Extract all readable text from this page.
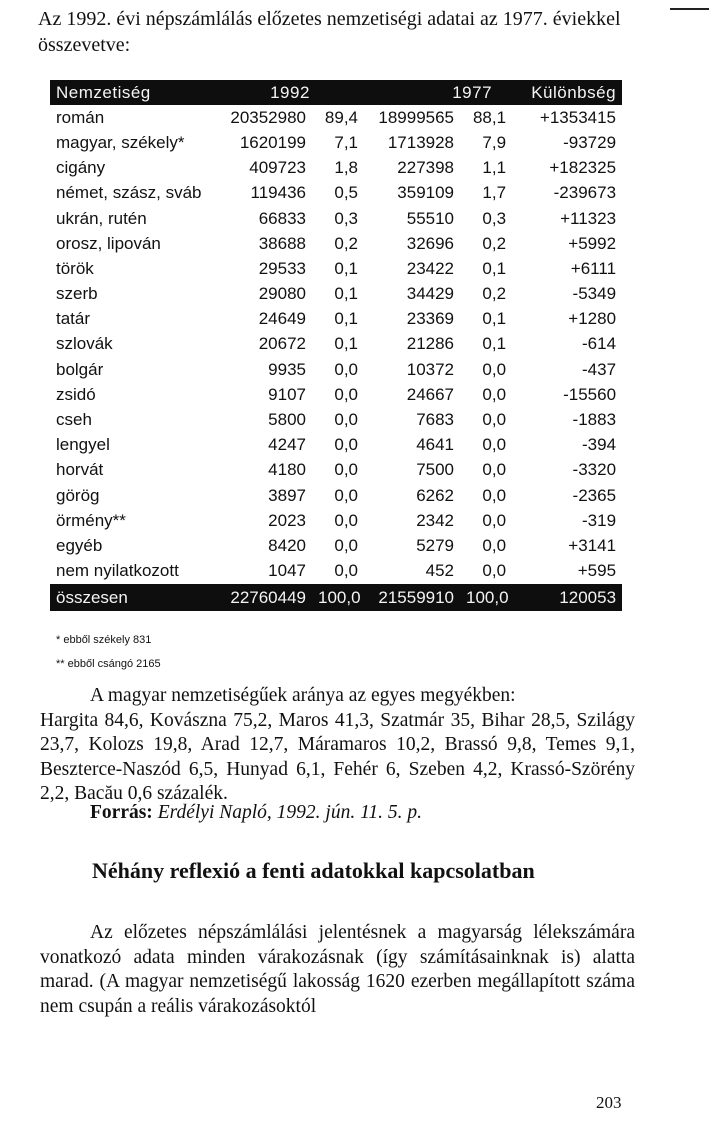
Az 1992. évi népszámlálás előzetes nemzetiségi adatai az 1977. éviekkel összevetve:
Nemzetiség	1992		1977		Különbség
román	20352980	89,4	18999565	88,1	+1353415
magyar, székely*	1620199	7,1	1713928	7,9	-93729
cigány	409723	1,8	227398	1,1	+182325
német, szász, sváb	119436	0,5	359109	1,7	-239673
ukrán, rutén	66833	0,3	55510	0,3	+11323
orosz, lipován	38688	0,2	32696	0,2	+5992
török	29533	0,1	23422	0,1	+6111
szerb	29080	0,1	34429	0,2	-5349
tatár	24649	0,1	23369	0,1	+1280
szlovák	20672	0,1	21286	0,1	-614
bolgár	9935	0,0	10372	0,0	-437
zsidó	9107	0,0	24667	0,0	-15560
cseh	5800	0,0	7683	0,0	-1883
lengyel	4247	0,0	4641	0,0	-394
horvát	4180	0,0	7500	0,0	-3320
görög	3897	0,0	6262	0,0	-2365
örmény**	2023	0,0	2342	0,0	-319
egyéb	8420	0,0	5279	0,0	+3141
nem nyilatkozott	1047	0,0	452	0,0	+595
összesen	22760449	100,0	21559910	100,0	120053
* ebből székely 831
** ebből csángó 2165
A magyar nemzetiségűek aránya az egyes megyékben:
Hargita 84,6, Kovászna 75,2, Maros 41,3, Szatmár 35, Bihar 28,5, Szilágy 23,7, Kolozs 19,8, Arad 12,7, Máramaros 10,2, Brassó 9,8, Temes 9,1, Beszterce-Naszód 6,5, Hunyad 6,1, Fehér 6, Szeben 4,2, Krassó-Szörény 2,2, Bacău 0,6 százalék.
Forrás: Erdélyi Napló, 1992. jún. 11. 5. p.
Néhány reflexió a fenti adatokkal kapcsolatban
Az előzetes népszámlálási jelentésnek a magyarság lélekszámára vonatkozó adata minden várakozásnak (így számításainknak is) alatta marad. (A magyar nemzetiségű lakosság 1620 ezerben megállapított száma nem csupán a reális várakozásoktól
203
